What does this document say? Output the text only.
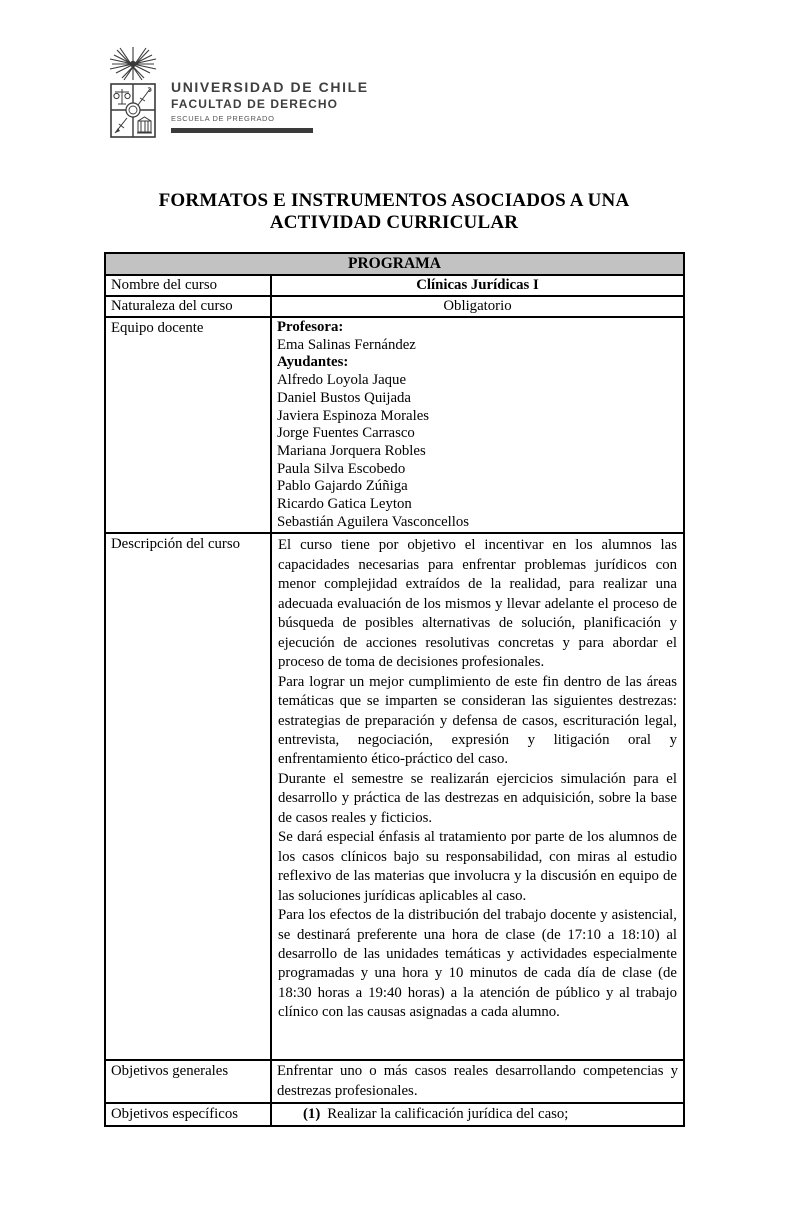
UNIVERSIDAD DE CHILE
FACULTAD DE DERECHO
ESCUELA DE PREGRADO
FORMATOS E INSTRUMENTOS ASOCIADOS A UNA
ACTIVIDAD CURRICULAR
PROGRAMA	
Nombre del curso	Clínicas Jurídicas I
Naturaleza del curso	Obligatorio
Equipo docente	Profesora:
Ema Salinas Fernández
Ayudantes:
Alfredo Loyola Jaque
Daniel Bustos Quijada
Javiera Espinoza Morales
Jorge Fuentes Carrasco
Mariana Jorquera Robles
Paula Silva Escobedo
Pablo Gajardo Zúñiga
Ricardo Gatica Leyton
Sebastián Aguilera Vasconcellos

Descripción del curso	El curso tiene por objetivo el incentivar en los alumnos las capacidades necesarias para enfrentar problemas jurídicos con menor complejidad extraídos de la realidad, para realizar una adecuada evaluación de los mismos y llevar adelante el proceso de búsqueda de posibles alternativas de solución, planificación y ejecución de acciones resolutivas concretas y para abordar el proceso de toma de decisiones profesionales.

Para lograr un mejor cumplimiento de este fin dentro de las áreas temáticas que se imparten se consideran las siguientes destrezas: estrategias de preparación y defensa de casos, escrituración legal, entrevista, negociación, expresión y litigación oral y enfrentamiento ético-práctico del caso.

Durante el semestre se realizarán ejercicios simulación para el desarrollo y práctica de las destrezas en adquisición, sobre la base de casos reales y ficticios.

Se dará especial énfasis al tratamiento por parte de los alumnos de los casos clínicos bajo su responsabilidad, con miras al estudio reflexivo de las materias que involucra y la discusión en equipo de las soluciones jurídicas aplicables al caso.

Para los efectos de la distribución del trabajo docente y asistencial, se destinará preferente una hora de clase (de 17:10 a 18:10) al desarrollo de las unidades temáticas y actividades especialmente programadas y una hora y 10 minutos de cada día de clase (de 18:30 horas a 19:40 horas) a la atención de público y al trabajo clínico con las causas asignadas a cada alumno.

Objetivos generales	Enfrentar uno o más casos reales desarrollando competencias y destrezas profesionales.

Objetivos específicos	(1) Realizar la calificación jurídica del caso;
